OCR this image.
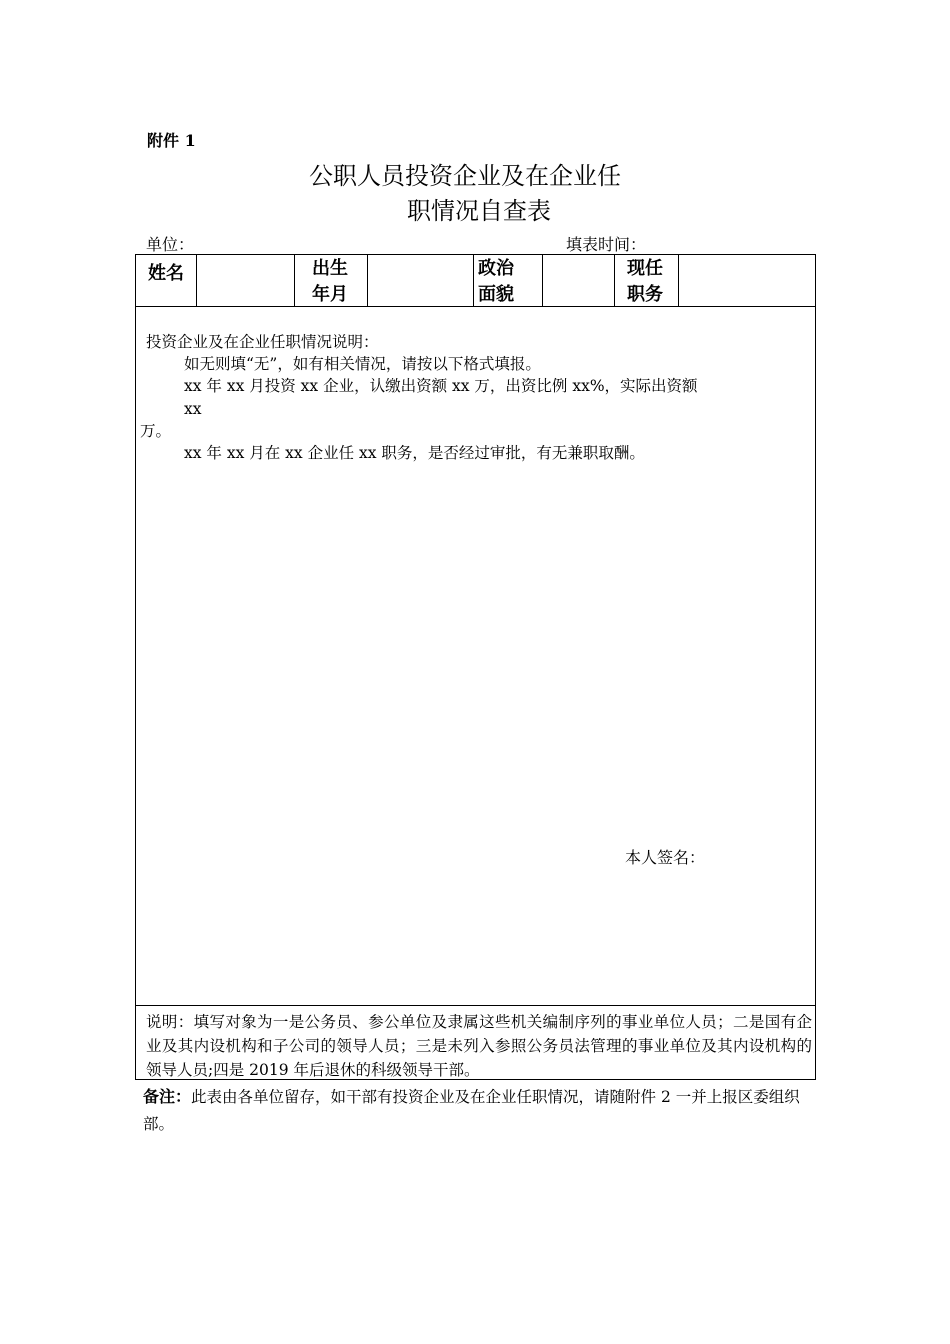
附件 1
公职人员投资企业及在企业任
职情况自查表
单位：	填表时间：
姓名	出生
年月
政治
面貌
现任
职务
投资企业及在企业任职情况说明：
如无则填“无”，如有相关情况，请按以下格式填报。
xx 年 xx 月投资 xx 企业，认缴出资额 xx 万，出资比例 xx%，实际出资额
xx
万。
xx 年 xx 月在 xx 企业任 xx 职务，是否经过审批，有无兼职取酬。
本人签名：
说明：填写对象为一是公务员、参公单位及隶属这些机关编制序列的事业单位人员；二是国有企业及其内设机构和子公司的领导人员；三是未列入参照公务员法管理的事业单位及其内设机构的领导人员;四是 2019 年后退休的科级领导干部。
备注：此表由各单位留存，如干部有投资企业及在企业任职情况，请随附件 2 一并上报区委组织部。
